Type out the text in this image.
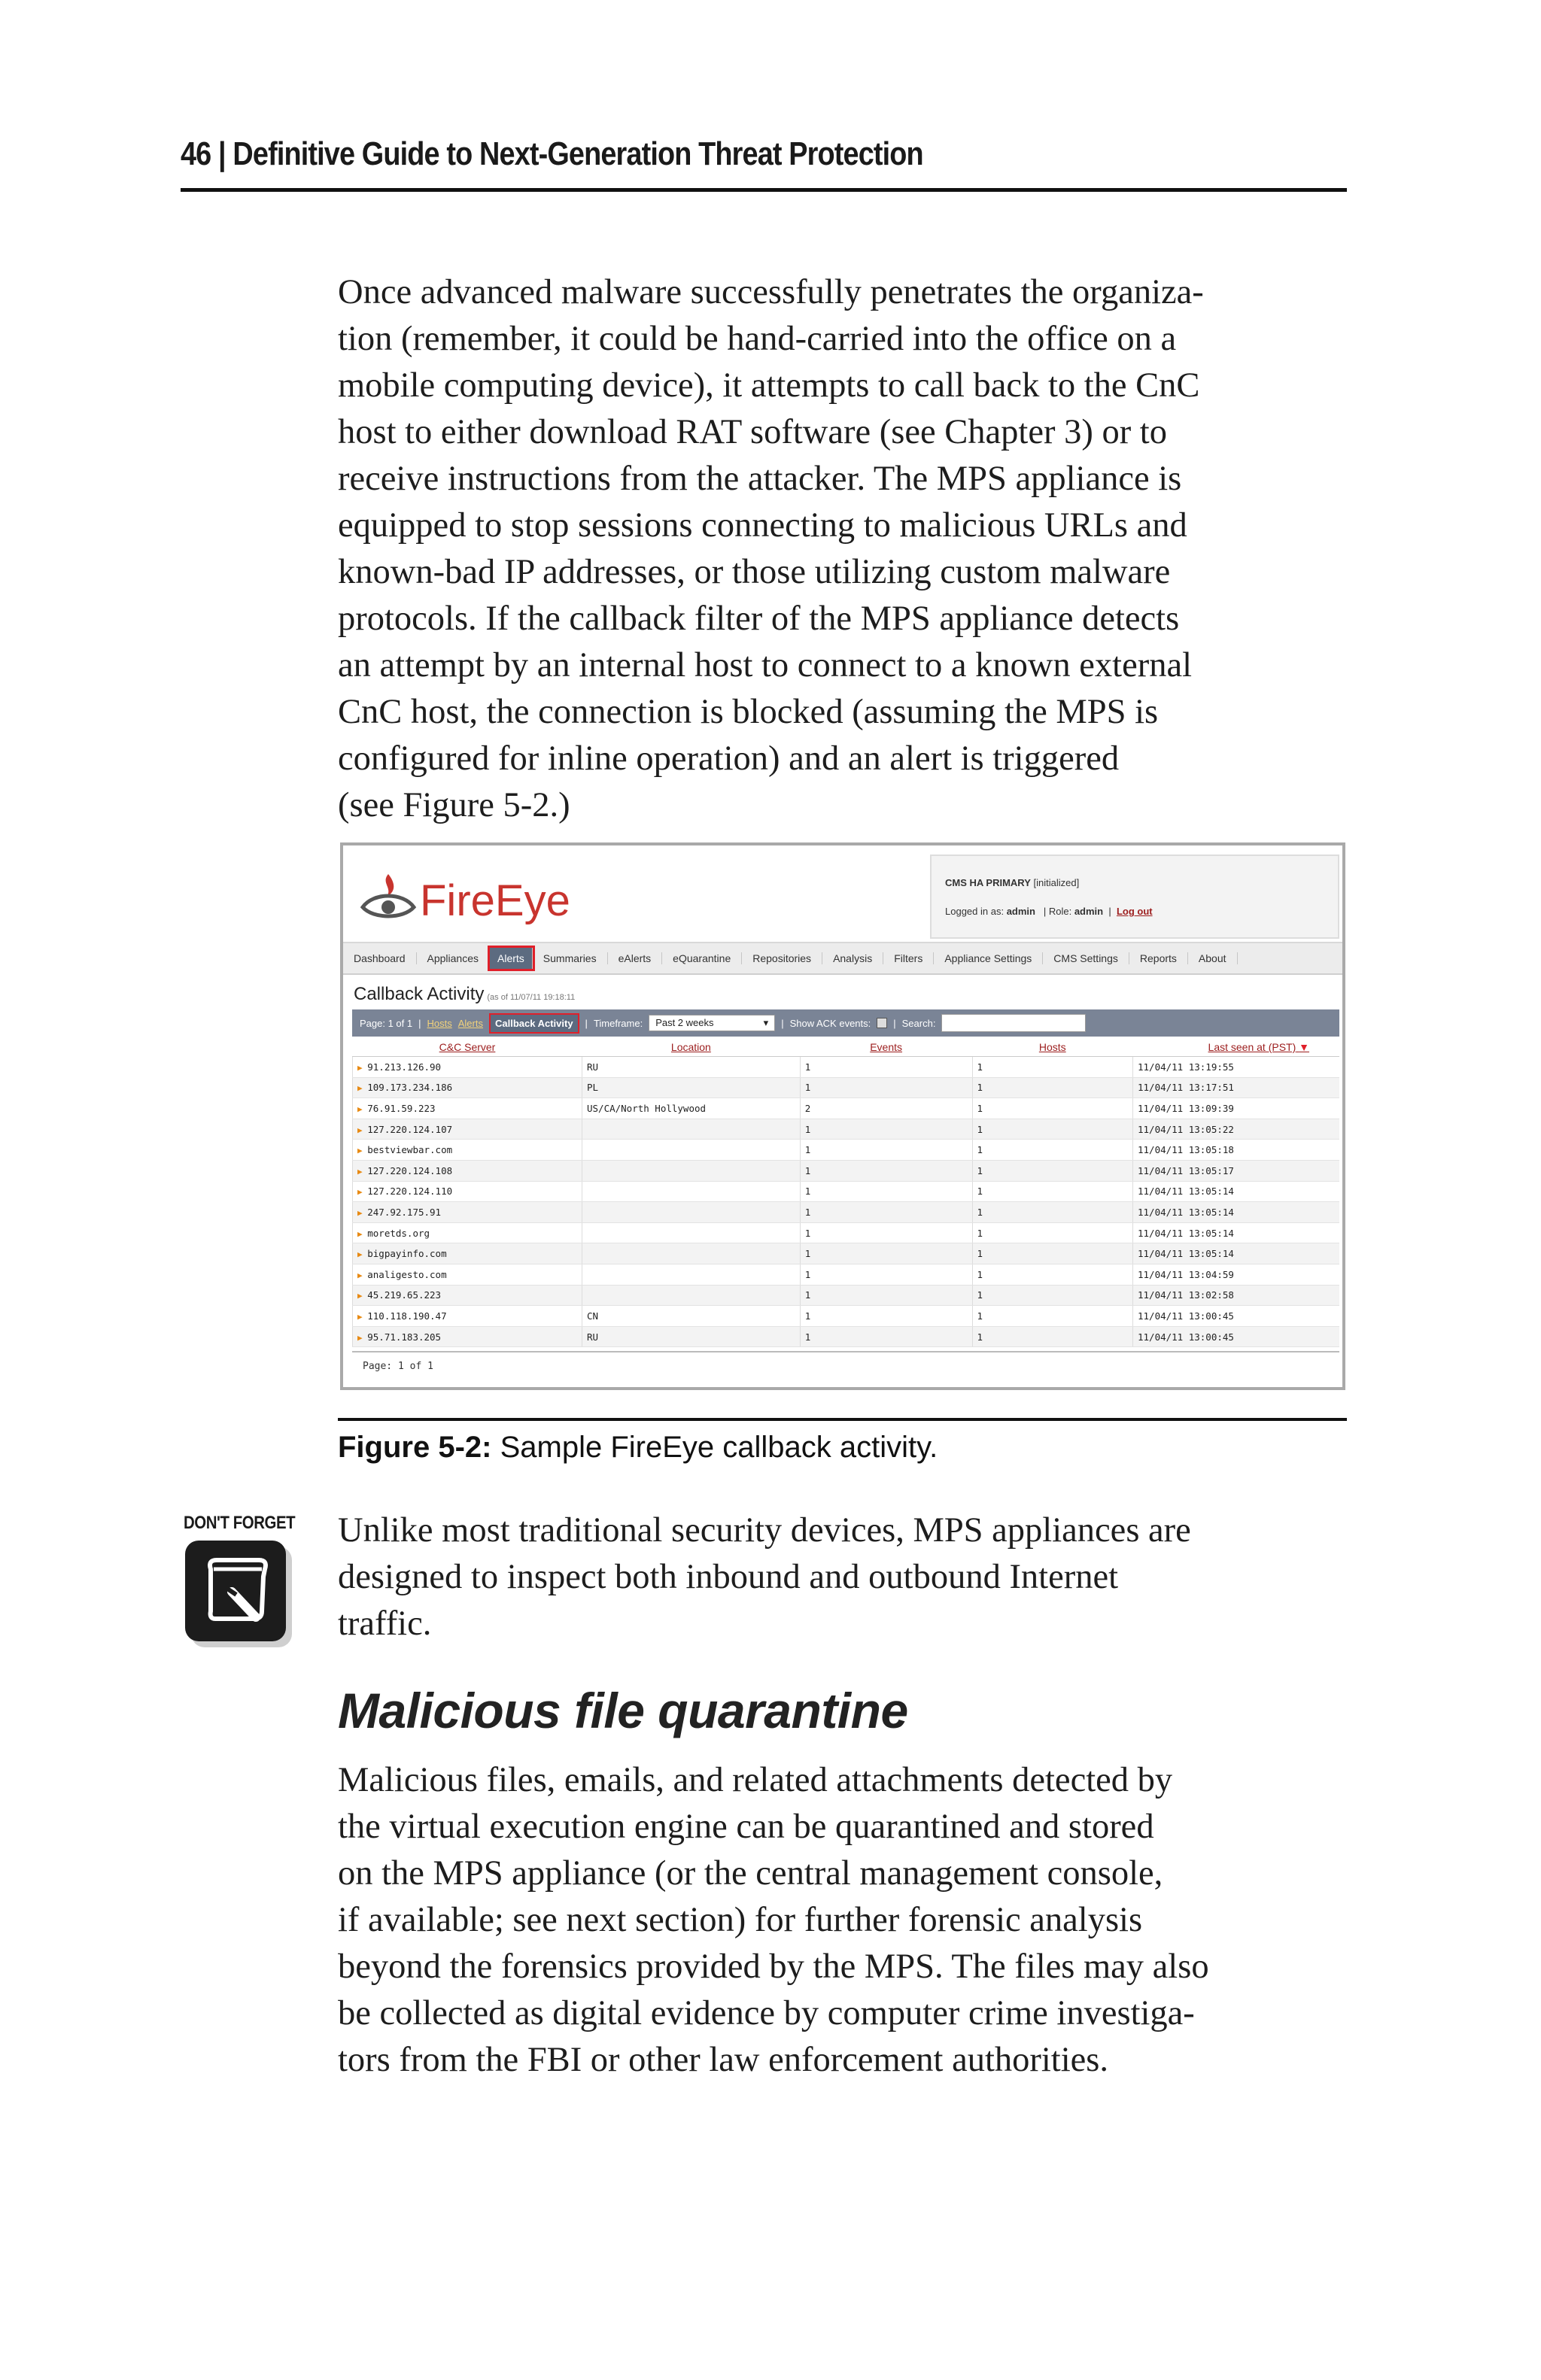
46 | Definitive Guide to Next-Generation Threat Protection
Once advanced malware successfully penetrates the organiza-
tion (remember, it could be hand-carried into the office on a
mobile computing device), it attempts to call back to the CnC
host to either download RAT software (see Chapter 3) or to
receive instructions from the attacker. The MPS appliance is
equipped to stop sessions connecting to malicious URLs and
known-bad IP addresses, or those utilizing custom malware
protocols. If the callback filter of the MPS appliance detects
an attempt by an internal host to connect to a known external
CnC host, the connection is blocked (assuming the MPS is
configured for inline operation) and an alert is triggered
(see Figure 5-2.)
FireEye	CMS HA PRIMARY [initialized]
Logged in as: admin | Role: admin  |  Log out
Dashboard	Appliances	Alerts	Summaries	eAlerts	eQuarantine	Repositories	Analysis	Filters	Appliance Settings	CMS Settings	Reports	About
Callback Activity (as of 11/07/11 19:18:11
Page: 1 of 1 | Hosts Alerts	Callback Activity	| Timeframe:	Past 2 weeks	▾ | Show ACK events: | Search:
C&C Server	Location	Events	Hosts	Last seen at (PST) ▼
▶ 91.213.126.90	RU	1	1	11/04/11 13:19:55
▶ 109.173.234.186	PL	1	1	11/04/11 13:17:51
▶ 76.91.59.223	US/CA/North Hollywood	2	1	11/04/11 13:09:39
▶ 127.220.124.107		1	1	11/04/11 13:05:22
▶ bestviewbar.com		1	1	11/04/11 13:05:18
▶ 127.220.124.108		1	1	11/04/11 13:05:17
▶ 127.220.124.110		1	1	11/04/11 13:05:14
▶ 247.92.175.91		1	1	11/04/11 13:05:14
▶ moretds.org		1	1	11/04/11 13:05:14
▶ bigpayinfo.com		1	1	11/04/11 13:05:14
▶ analigesto.com		1	1	11/04/11 13:04:59
▶ 45.219.65.223		1	1	11/04/11 13:02:58
▶ 110.118.190.47	CN	1	1	11/04/11 13:00:45
▶ 95.71.183.205	RU	1	1	11/04/11 13:00:45
Page: 1 of 1
Figure 5-2: Sample FireEye callback activity.
DON'T FORGET Unlike most traditional security devices, MPS appliances are
designed to inspect both inbound and outbound Internet
traffic.
Malicious file quarantine
Malicious files, emails, and related attachments detected by
the virtual execution engine can be quarantined and stored
on the MPS appliance (or the central management console,
if available; see next section) for further forensic analysis
beyond the forensics provided by the MPS. The files may also
be collected as digital evidence by computer crime investiga-
tors from the FBI or other law enforcement authorities.
